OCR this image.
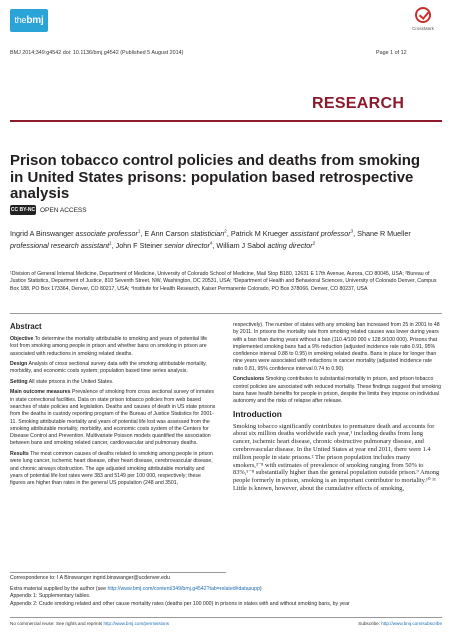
thebmj
CrossMark
BMJ 2014;349:g4542 doi: 10.1136/bmj.g4542 (Published 5 August 2014)	Page 1 of 12
RESEARCH
Prison tobacco control policies and deaths from smoking in United States prisons: population based retrospective analysis
CC BY-NC OPEN ACCESS
Ingrid A Binswanger associate professor$^1$, E Ann Carson statistician$^2$, Patrick M Krueger assistant professor$^3$, Shane R Mueller professional research assistant$^1$, John F Steiner senior director$^4$, William J Sabol acting director$^2$
¹Division of General Internal Medicine, Department of Medicine, University of Colorado School of Medicine, Mail Stop B180, 12631 E 17th Avenue, Aurora, CO 80045, USA; ²Bureau of Justice Statistics, Department of Justice, 810 Seventh Street, NW, Washington, DC 20531, USA; ³Department of Health and Behavioral Sciences, University of Colorado Denver, Campus Box 188, PO Box 173364, Denver, CO 80217, USA; ⁴Institute for Health Research, Kaiser Permanente Colorado, PO Box 378066, Denver, CO 80237, USA
Abstract

Objective To determine the mortality attributable to smoking and years of potential life lost from smoking among people in prison and whether bans on smoking in prison are associated with reductions in smoking related deaths.

Design Analysis of cross sectional survey data with the smoking attributable mortality, morbidity, and economic costs system; population based time series analysis.

Setting All state prisons in the United States.

Main outcome measures Prevalence of smoking from cross sectional survey of inmates in state correctional facilities. Data on state prison tobacco policies from web based searches of state policies and legislation. Deaths and causes of death in US state prisons from the deaths in custody reporting program of the Bureau of Justice Statistics for 2001-11. Smoking attributable mortality and years of potential life lost was assessed from the smoking attributable mortality, morbidity, and economic costs system of the Centers for Disease Control and Prevention. Multivariate Poisson models quantified the association between bans and smoking related cancer, cardiovascular and pulmonary deaths.

Results The most common causes of deaths related to smoking among people in prison were lung cancer, ischemic heart disease, other heart disease, cerebrovascular disease, and chronic airways obstruction. The age adjusted smoking attributable mortality and years of potential life lost rates were 383 and 5149 per 100 000, respectively; these figures are higher than rates in the general US population (248 and 3501,

respectively). The number of states with any smoking ban increased from 25 in 2001 to 48 by 2011. In prisons the mortality rate from smoking related causes was lower during years with a ban than during years without a ban (110.4/100 000 v 128.9/100 000). Prisons that implemented smoking bans had a 9% reduction (adjusted incidence rate ratio 0.91, 95% confidence interval 0.88 to 0.95) in smoking related deaths. Bans in place for longer than nine years were associated with reductions in cancer mortality (adjusted incidence rate ratio 0.81, 95% confidence interval 0.74 to 0.90).

Conclusions Smoking contributes to substantial mortality in prison, and prison tobacco control policies are associated with reduced mortality. These findings suggest that smoking bans have health benefits for people in prison, despite the limits they impose on individual autonomy and the risks of relapse after release.

Introduction
Smoking tobacco significantly contributes to premature death and accounts for about six million deaths worldwide each year,¹ including deaths from lung cancer, ischemic heart disease, chronic obstructive pulmonary disease, and cerebrovascular disease. In the United States at year end 2011, there were 1.4 million people in state prisons.² The prison population includes many smokers,³⁻⁸ with estimates of prevalence of smoking ranging from 50% to 83%,⁵⁻⁸ substantially higher than the general population outside prison.⁹ Among people formerly in prison, smoking is an important contributor to mortality.¹⁰ ¹¹ Little is known, however, about the cumulative effects of smoking,
Correspondence to: I A Binswanger ingrid.binswanger@ucdenver.edu
Extra material supplied by the author (see http://www.bmj.com/content/349/bmj.g4542?tab=related#datasupp)
Appendix 1: Supplementary tables.
Appendix 2: Crude smoking related and other cause mortality rates (deaths per 100 000) in prisons in states with and without smoking bans, by year
No commercial reuse: See rights and reprints http://www.bmj.com/permissions	Subscribe: http://www.bmj.com/subscribe
